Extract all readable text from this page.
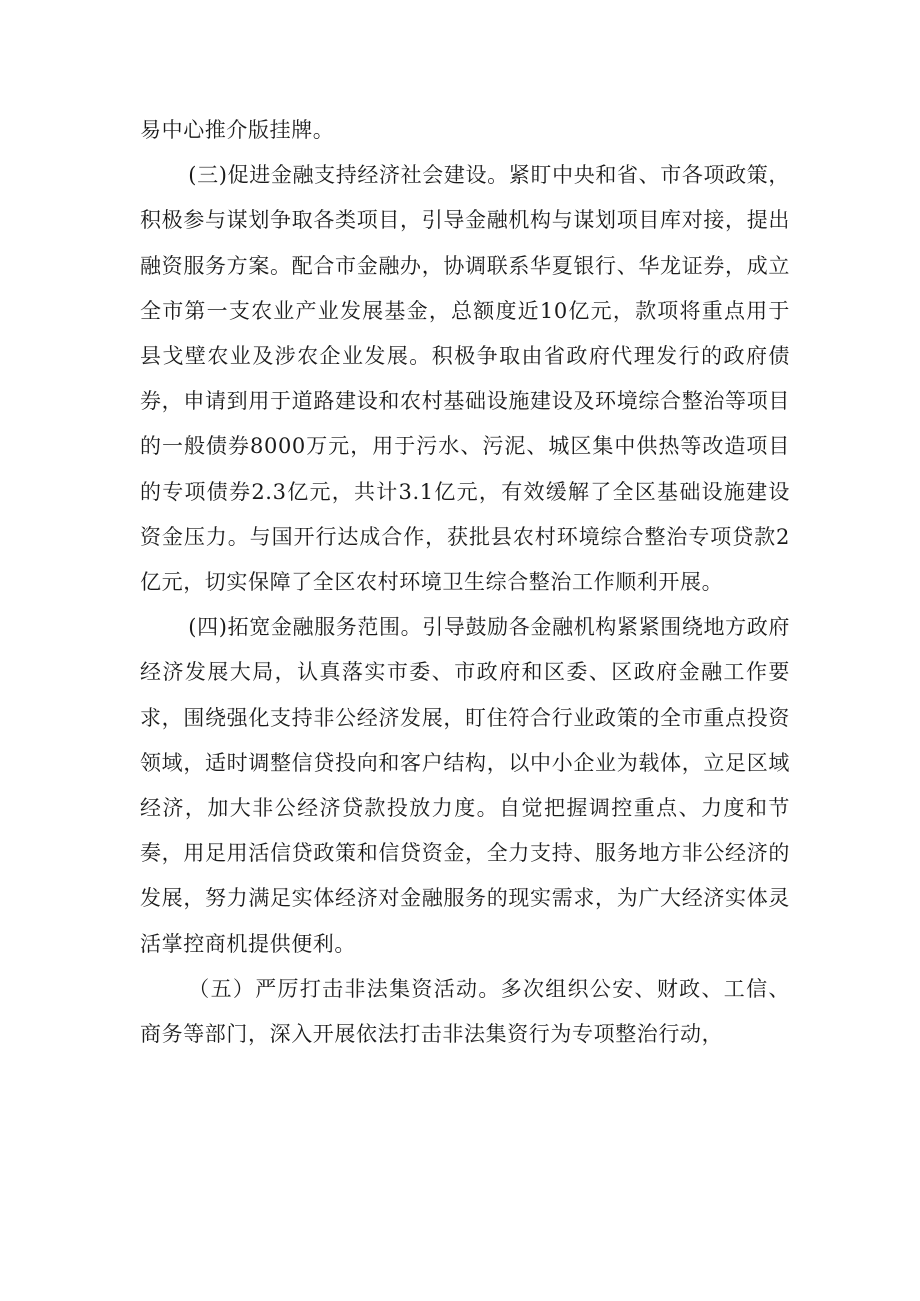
易中心推介版挂牌。

(三)促进金融支持经济社会建设。紧盯中央和省、市各项政策，积极参与谋划争取各类项目，引导金融机构与谋划项目库对接，提出融资服务方案。配合市金融办，协调联系华夏银行、华龙证券，成立全市第一支农业产业发展基金，总额度近10亿元，款项将重点用于县戈壁农业及涉农企业发展。积极争取由省政府代理发行的政府债券，申请到用于道路建设和农村基础设施建设及环境综合整治等项目的一般债券8000万元，用于污水、污泥、城区集中供热等改造项目的专项债券2.3亿元，共计3.1亿元，有效缓解了全区基础设施建设资金压力。与国开行达成合作，获批县农村环境综合整治专项贷款2亿元，切实保障了全区农村环境卫生综合整治工作顺利开展。

(四)拓宽金融服务范围。引导鼓励各金融机构紧紧围绕地方政府经济发展大局，认真落实市委、市政府和区委、区政府金融工作要求，围绕强化支持非公经济发展，盯住符合行业政策的全市重点投资领域，适时调整信贷投向和客户结构，以中小企业为载体，立足区域经济，加大非公经济贷款投放力度。自觉把握调控重点、力度和节奏，用足用活信贷政策和信贷资金，全力支持、服务地方非公经济的发展，努力满足实体经济对金融服务的现实需求，为广大经济实体灵活掌控商机提供便利。

（五）严厉打击非法集资活动。多次组织公安、财政、工信、商务等部门，深入开展依法打击非法集资行为专项整治行动，
